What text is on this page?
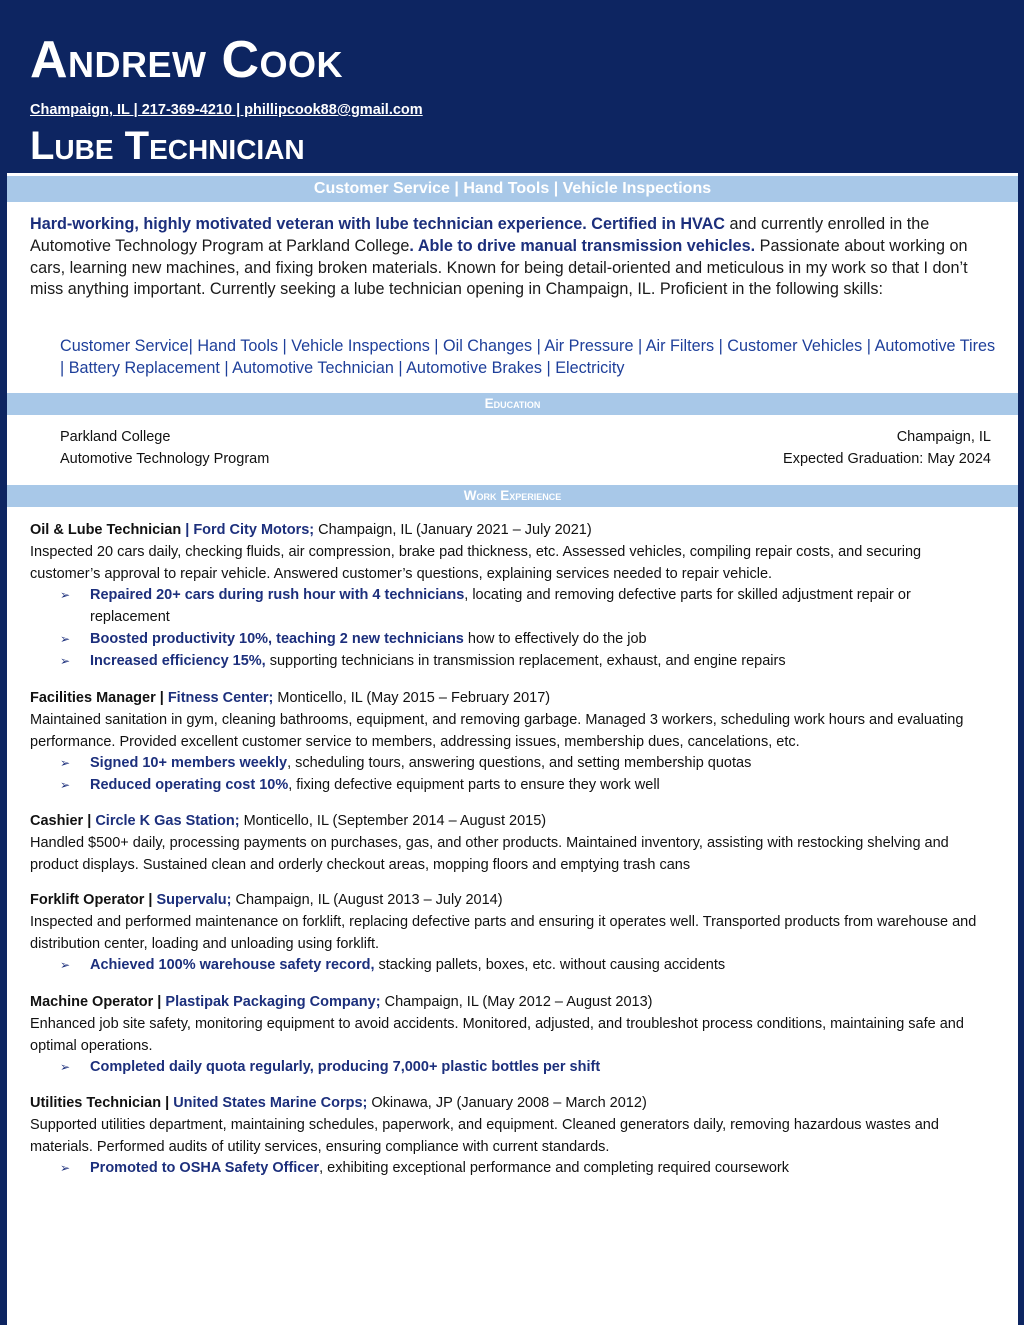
Andrew Cook
Champaign, IL | 217-369-4210 | phillipcook88@gmail.com
Lube Technician
Customer Service | Hand Tools | Vehicle Inspections
Hard-working, highly motivated veteran with lube technician experience. Certified in HVAC and currently enrolled in the Automotive Technology Program at Parkland College. Able to drive manual transmission vehicles. Passionate about working on cars, learning new machines, and fixing broken materials. Known for being detail-oriented and meticulous in my work so that I don’t miss anything important. Currently seeking a lube technician opening in Champaign, IL. Proficient in the following skills:
Customer Service| Hand Tools | Vehicle Inspections | Oil Changes | Air Pressure | Air Filters | Customer Vehicles | Automotive Tires | Battery Replacement | Automotive Technician | Automotive Brakes | Electricity
Education
Parkland College	Champaign, IL
Automotive Technology Program	Expected Graduation: May 2024
Work Experience
Oil & Lube Technician | Ford City Motors; Champaign, IL (January 2021 – July 2021)
Inspected 20 cars daily, checking fluids, air compression, brake pad thickness, etc. Assessed vehicles, compiling repair costs, and securing customer’s approval to repair vehicle. Answered customer’s questions, explaining services needed to repair vehicle.
➢ Repaired 20+ cars during rush hour with 4 technicians, locating and removing defective parts for skilled adjustment repair or replacement
➢ Boosted productivity 10%, teaching 2 new technicians how to effectively do the job
➢ Increased efficiency 15%, supporting technicians in transmission replacement, exhaust, and engine repairs
Facilities Manager | Fitness Center; Monticello, IL (May 2015 – February 2017)
Maintained sanitation in gym, cleaning bathrooms, equipment, and removing garbage. Managed 3 workers, scheduling work hours and evaluating performance. Provided excellent customer service to members, addressing issues, membership dues, cancelations, etc.
➢ Signed 10+ members weekly, scheduling tours, answering questions, and setting membership quotas
➢ Reduced operating cost 10%, fixing defective equipment parts to ensure they work well
Cashier | Circle K Gas Station; Monticello, IL (September 2014 – August 2015)
Handled $500+ daily, processing payments on purchases, gas, and other products. Maintained inventory, assisting with restocking shelving and product displays. Sustained clean and orderly checkout areas, mopping floors and emptying trash cans
Forklift Operator | Supervalu; Champaign, IL (August 2013 – July 2014)
Inspected and performed maintenance on forklift, replacing defective parts and ensuring it operates well. Transported products from warehouse and distribution center, loading and unloading using forklift.
➢ Achieved 100% warehouse safety record, stacking pallets, boxes, etc. without causing accidents
Machine Operator | Plastipak Packaging Company; Champaign, IL (May 2012 – August 2013)
Enhanced job site safety, monitoring equipment to avoid accidents. Monitored, adjusted, and troubleshot process conditions, maintaining safe and optimal operations.
➢ Completed daily quota regularly, producing 7,000+ plastic bottles per shift
Utilities Technician | United States Marine Corps; Okinawa, JP (January 2008 – March 2012)
Supported utilities department, maintaining schedules, paperwork, and equipment. Cleaned generators daily, removing hazardous wastes and materials. Performed audits of utility services, ensuring compliance with current standards.
➢ Promoted to OSHA Safety Officer, exhibiting exceptional performance and completing required coursework
